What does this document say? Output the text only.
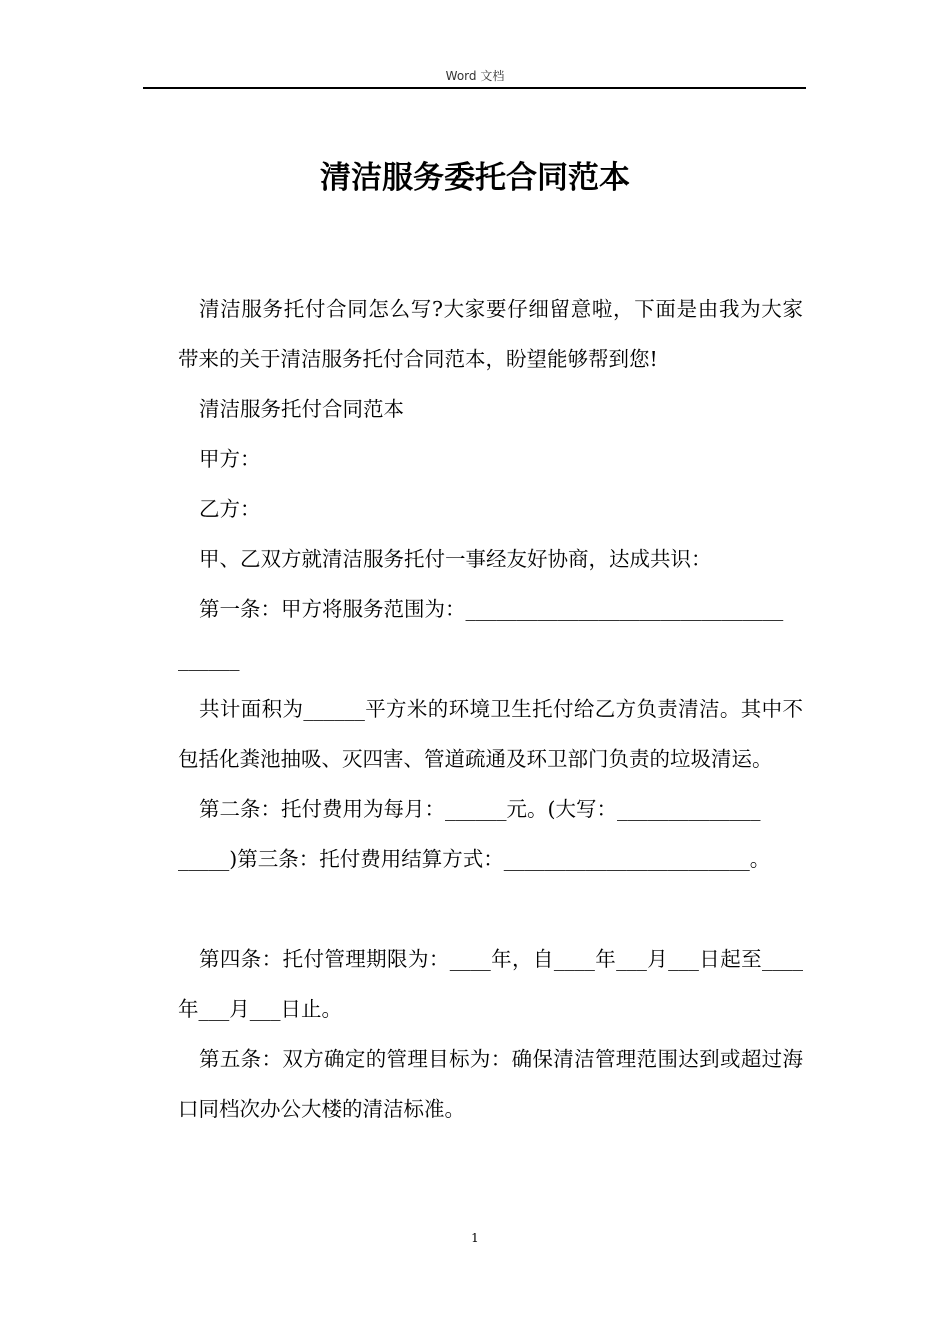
Word 文档
清洁服务委托合同范本

清洁服务托付合同怎么写?大家要仔细留意啦，下面是由我为大家带来的关于清洁服务托付合同范本，盼望能够帮到您!

清洁服务托付合同范本

甲方：

乙方：

甲、乙双方就清洁服务托付一事经友好协商，达成共识：

第一条：甲方将服务范围为：_______________________________

______

共计面积为______平方米的环境卫生托付给乙方负责清洁。其中不包括化粪池抽吸、灭四害、管道疏通及环卫部门负责的垃圾清运。

第二条：托付费用为每月：______元。(大写：______________

_____)第三条：托付费用结算方式：________________________。

第四条：托付管理期限为：____年，自____年___月___日起至____年___月___日止。

第五条：双方确定的管理目标为：确保清洁管理范围达到或超过海口同档次办公大楼的清洁标准。

1
